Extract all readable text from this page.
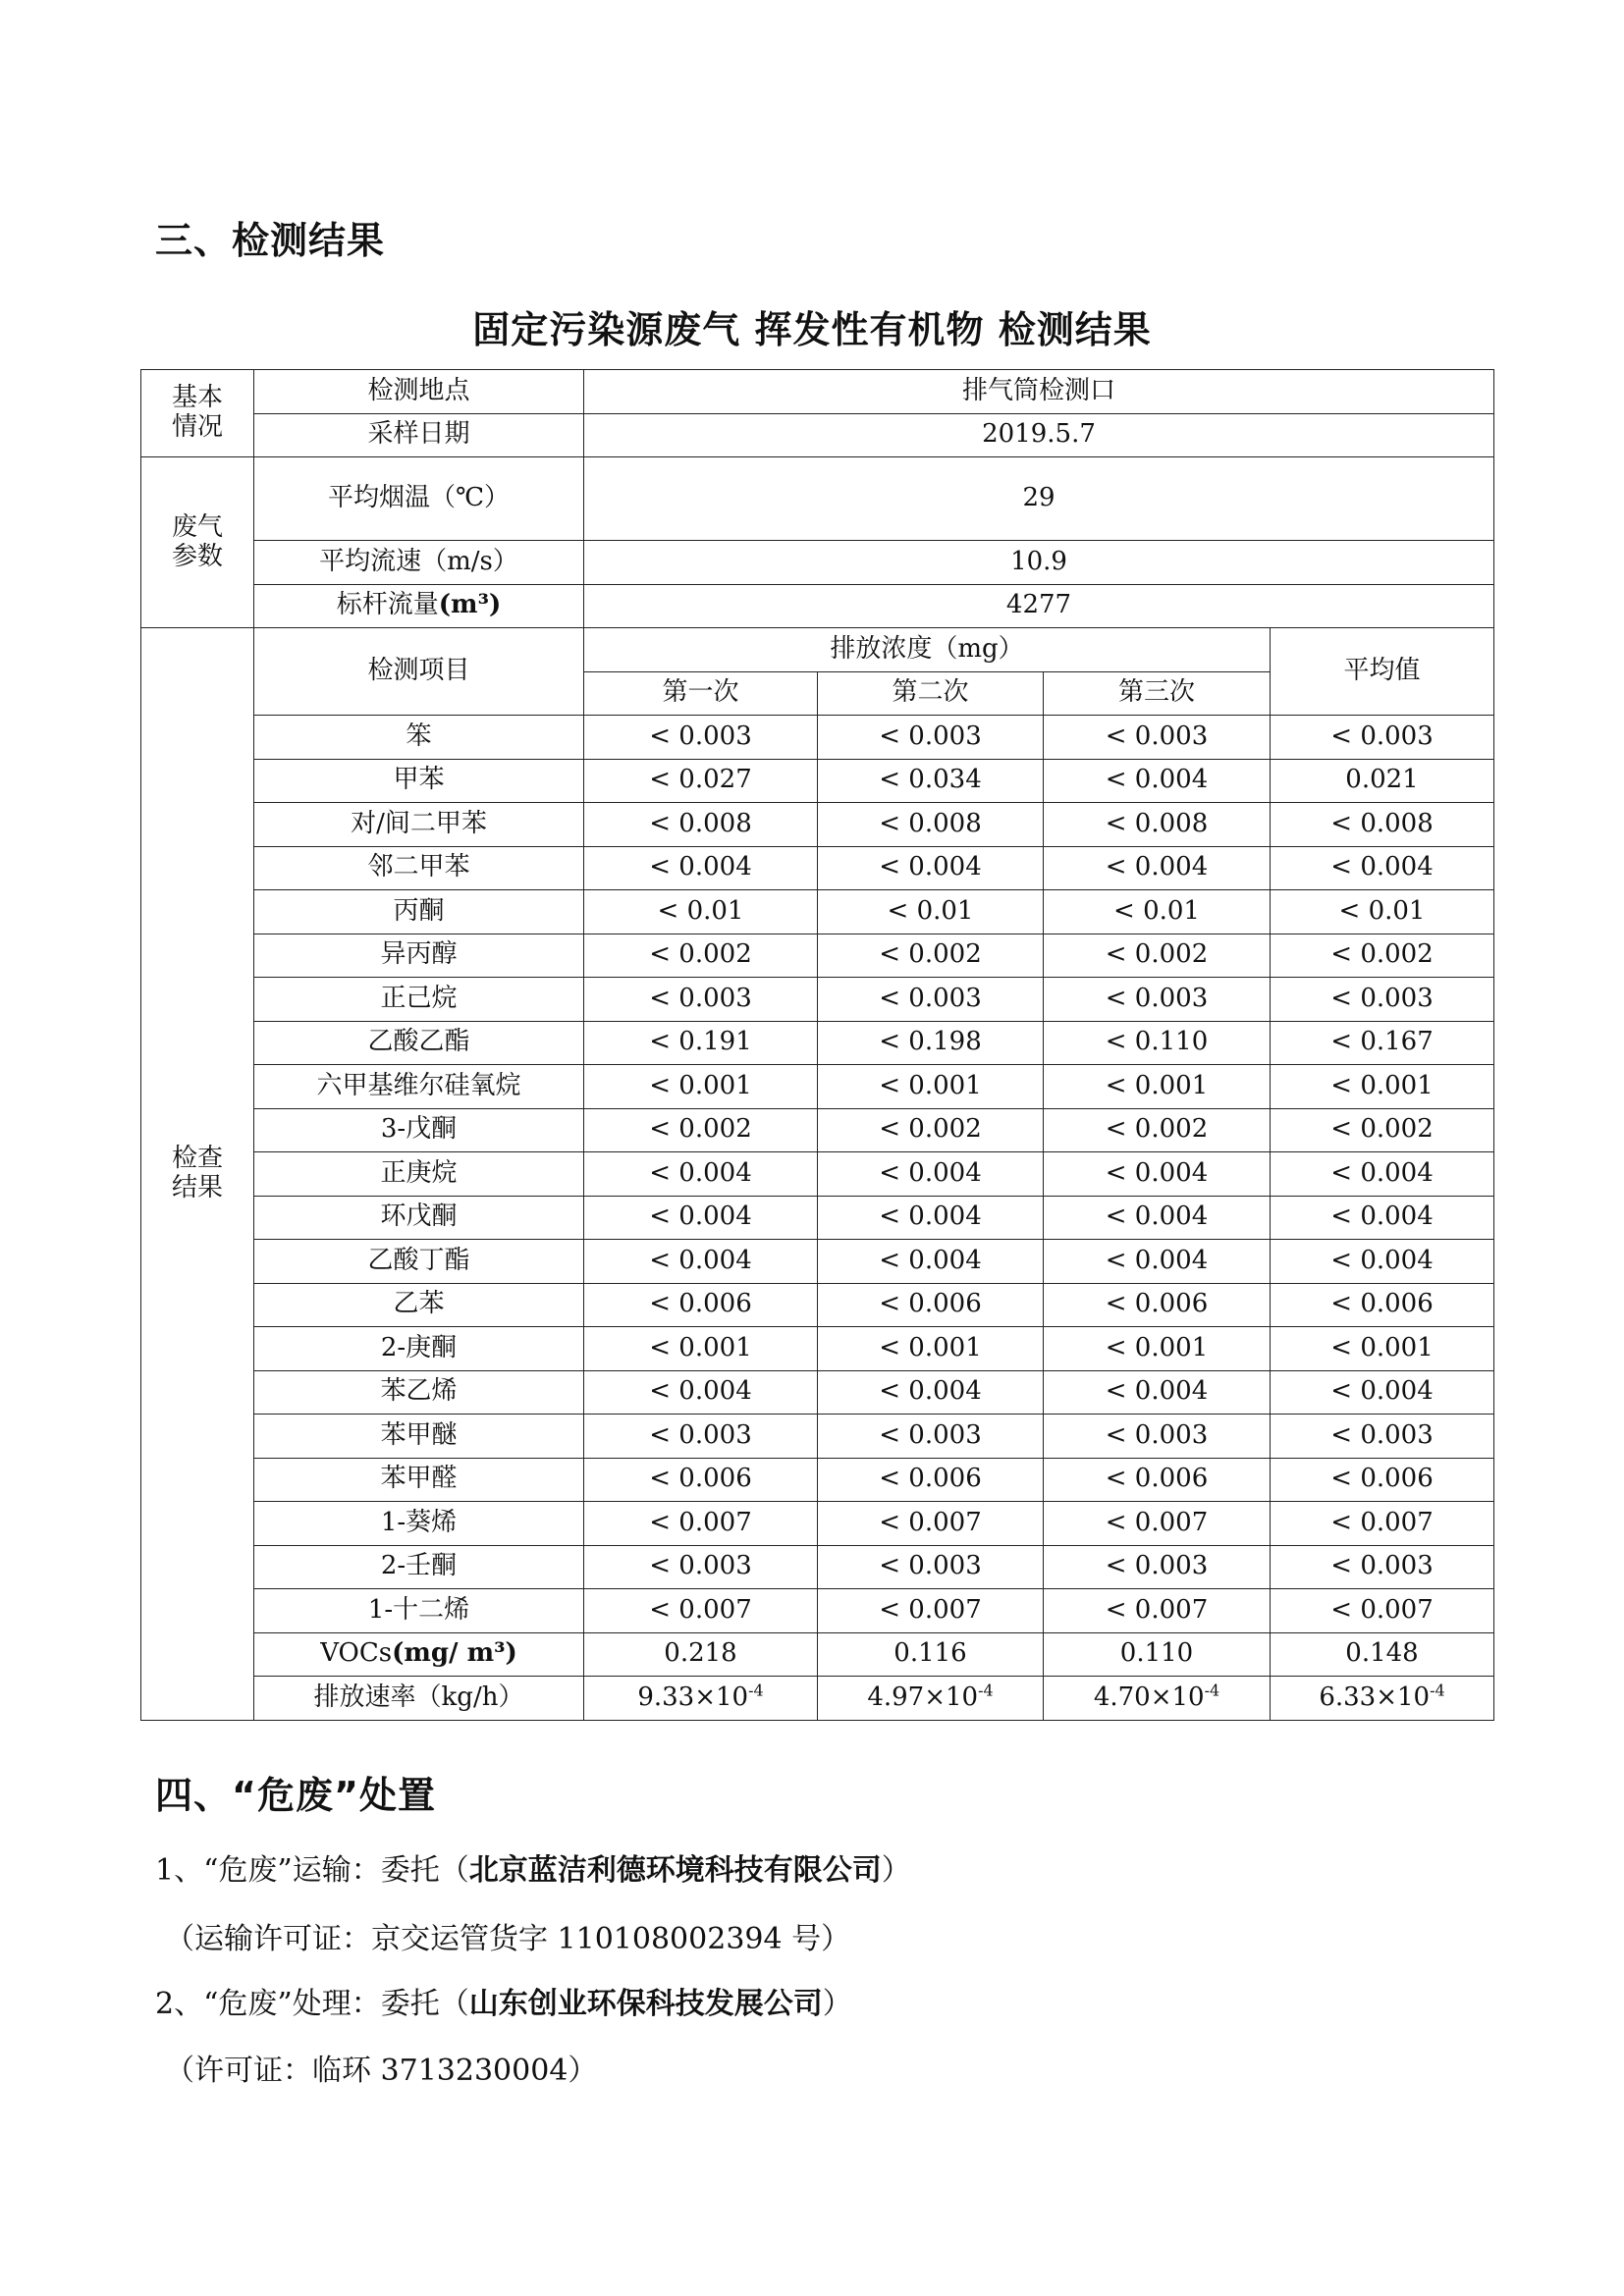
三、检测结果
固定污染源废气 挥发性有机物 检测结果
基本
情况	检测地点	排气筒检测口			
	采样日期	2019.5.7			
废气
参数	平均烟温（℃）	29			
	平均流速（m/s）	10.9			
	标杆流量(m³)	4277			
检查
结果	检测项目	排放浓度（mg）			平均值
		第一次	第二次	第三次	
	笨	< 0.003	< 0.003	< 0.003	< 0.003
	甲苯	< 0.027	< 0.034	< 0.004	0.021
	对/间二甲苯	< 0.008	< 0.008	< 0.008	< 0.008
	邻二甲苯	< 0.004	< 0.004	< 0.004	< 0.004
	丙酮	< 0.01	< 0.01	< 0.01	< 0.01
	异丙醇	< 0.002	< 0.002	< 0.002	< 0.002
	正己烷	< 0.003	< 0.003	< 0.003	< 0.003
	乙酸乙酯	< 0.191	< 0.198	< 0.110	< 0.167
	六甲基维尔硅氧烷	< 0.001	< 0.001	< 0.001	< 0.001
	3-戊酮	< 0.002	< 0.002	< 0.002	< 0.002
	正庚烷	< 0.004	< 0.004	< 0.004	< 0.004
	环戊酮	< 0.004	< 0.004	< 0.004	< 0.004
	乙酸丁酯	< 0.004	< 0.004	< 0.004	< 0.004
	乙苯	< 0.006	< 0.006	< 0.006	< 0.006
	2-庚酮	< 0.001	< 0.001	< 0.001	< 0.001
	苯乙烯	< 0.004	< 0.004	< 0.004	< 0.004
	苯甲醚	< 0.003	< 0.003	< 0.003	< 0.003
	苯甲醛	< 0.006	< 0.006	< 0.006	< 0.006
	1-葵烯	< 0.007	< 0.007	< 0.007	< 0.007
	2-壬酮	< 0.003	< 0.003	< 0.003	< 0.003
	1-十二烯	< 0.007	< 0.007	< 0.007	< 0.007
	VOCs(mg/ m³)	0.218	0.116	0.110	0.148
	排放速率（kg/h）	$9.33\times 10^{-4}$	$4.97\times 10^{-4}$	$4.70\times 10^{-4}$	$6.33\times 10^{-4}$
四、“危废”处置
1、“危废”运输：委托（北京蓝洁利德环境科技有限公司）
（运输许可证：京交运管货字 110108002394 号）
2、“危废”处理：委托（山东创业环保科技发展公司）
（许可证：临环 3713230004）
